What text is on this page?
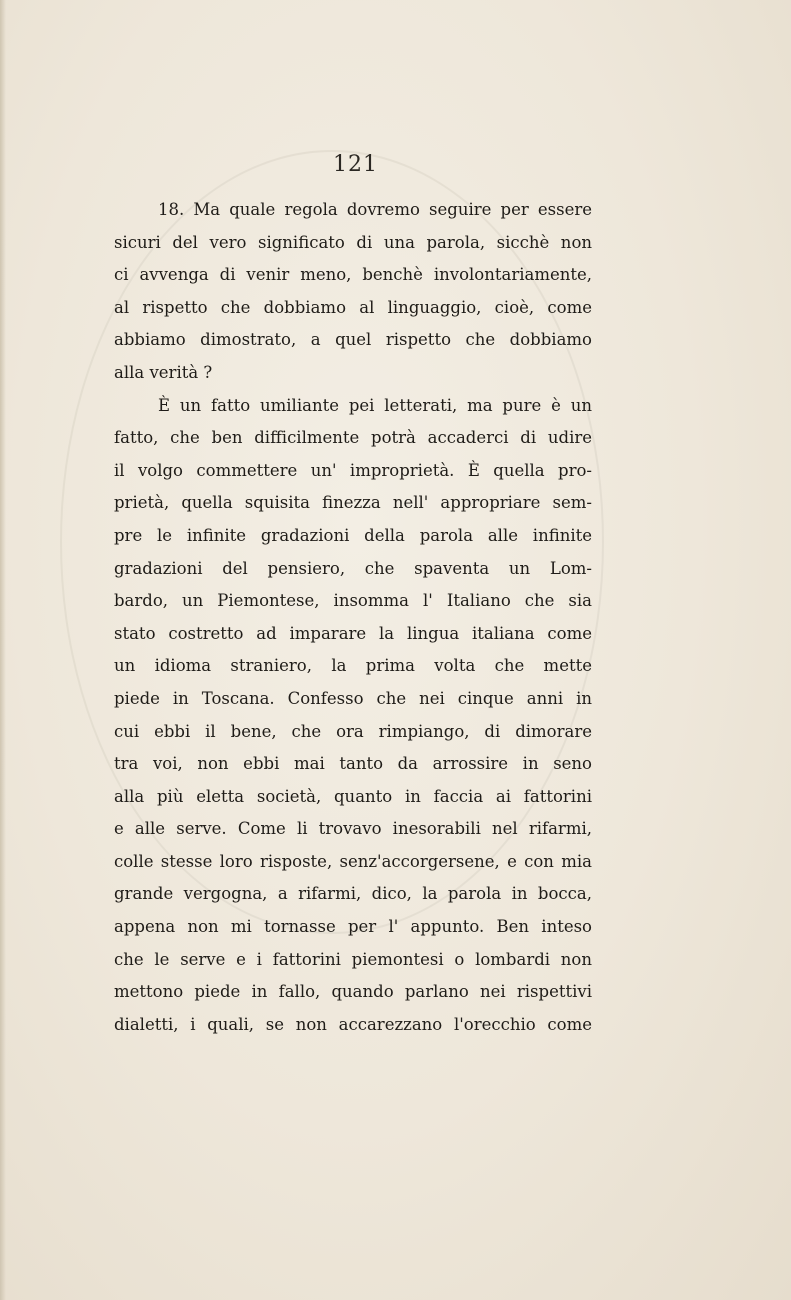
121
18. Ma quale regola dovremo seguire per essere
sicuri del vero significato di una parola, sicchè non
ci avvenga di venir meno, benchè involontariamente,
al rispetto che dobbiamo al linguaggio, cioè, come
abbiamo dimostrato, a quel rispetto che dobbiamo
alla verità ?
È un fatto umiliante pei letterati, ma pure è un
fatto, che ben difficilmente potrà accaderci di udire
il volgo commettere un' improprietà. È quella pro-
prietà, quella squisita finezza nell' appropriare sem-
pre le infinite gradazioni della parola alle infinite
gradazioni del pensiero, che spaventa un Lom-
bardo, un Piemontese, insomma l' Italiano che sia
stato costretto ad imparare la lingua italiana come
un idioma straniero, la prima volta che mette
piede in Toscana. Confesso che nei cinque anni in
cui ebbi il bene, che ora rimpiango, di dimorare
tra voi, non ebbi mai tanto da arrossire in seno
alla più eletta società, quanto in faccia ai fattorini
e alle serve. Come li trovavo inesorabili nel rifarmi,
colle stesse loro risposte, senz'accorgersene, e con mia
grande vergogna, a rifarmi, dico, la parola in bocca,
appena non mi tornasse per l' appunto. Ben inteso
che le serve e i fattorini piemontesi o lombardi non
mettono piede in fallo, quando parlano nei rispettivi
dialetti, i quali, se non accarezzano l'orecchio come
